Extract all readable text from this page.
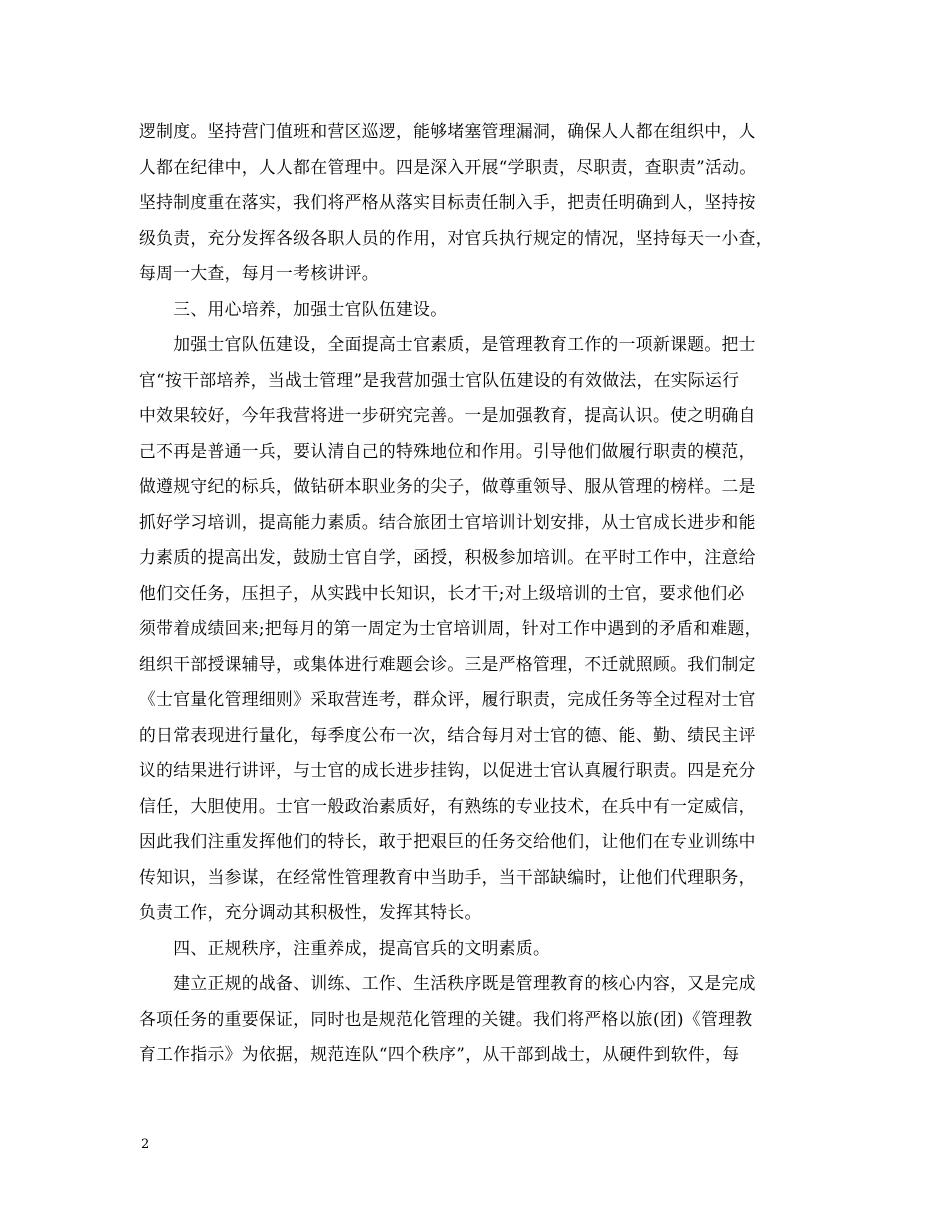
逻制度。坚持营门值班和营区巡逻，能够堵塞管理漏洞，确保人人都在组织中，人
人都在纪律中，人人都在管理中。四是深入开展“学职责，尽职责，查职责”活动。
坚持制度重在落实，我们将严格从落实目标责任制入手，把责任明确到人，坚持按
级负责，充分发挥各级各职人员的作用，对官兵执行规定的情况，坚持每天一小查，
每周一大查，每月一考核讲评。
　　三、用心培养，加强士官队伍建设。
　　加强士官队伍建设，全面提高士官素质，是管理教育工作的一项新课题。把士
官“按干部培养，当战士管理”是我营加强士官队伍建设的有效做法，在实际运行
中效果较好，今年我营将进一步研究完善。一是加强教育，提高认识。使之明确自
己不再是普通一兵，要认清自己的特殊地位和作用。引导他们做履行职责的模范，
做遵规守纪的标兵，做钻研本职业务的尖子，做尊重领导、服从管理的榜样。二是
抓好学习培训，提高能力素质。结合旅团士官培训计划安排，从士官成长进步和能
力素质的提高出发，鼓励士官自学，函授，积极参加培训。在平时工作中，注意给
他们交任务，压担子，从实践中长知识，长才干;对上级培训的士官，要求他们必
须带着成绩回来;把每月的第一周定为士官培训周，针对工作中遇到的矛盾和难题，
组织干部授课辅导，或集体进行难题会诊。三是严格管理，不迁就照顾。我们制定
《士官量化管理细则》采取营连考，群众评，履行职责，完成任务等全过程对士官
的日常表现进行量化，每季度公布一次，结合每月对士官的德、能、勤、绩民主评
议的结果进行讲评，与士官的成长进步挂钩，以促进士官认真履行职责。四是充分
信任，大胆使用。士官一般政治素质好，有熟练的专业技术，在兵中有一定威信，
因此我们注重发挥他们的特长，敢于把艰巨的任务交给他们，让他们在专业训练中
传知识，当参谋，在经常性管理教育中当助手，当干部缺编时，让他们代理职务，
负责工作，充分调动其积极性，发挥其特长。
　　四、正规秩序，注重养成，提高官兵的文明素质。
　　建立正规的战备、训练、工作、生活秩序既是管理教育的核心内容，又是完成
各项任务的重要保证，同时也是规范化管理的关键。我们将严格以旅(团)《管理教
育工作指示》为依据，规范连队“四个秩序”，从干部到战士，从硬件到软件，每
2
